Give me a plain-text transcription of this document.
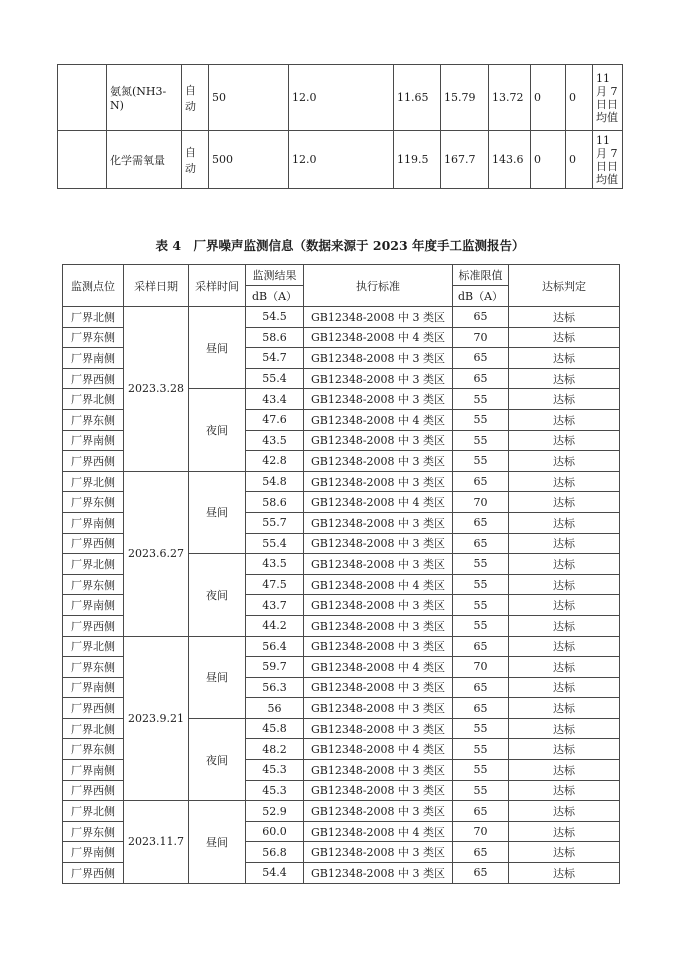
	氨氮(NH3-N)	自动	50	12.0	11.65	15.79	13.72	0	0	11 月 7 日日 均值
	化学需氧量	自动	500	12.0	119.5	167.7	143.6	0	0	11 月 7 日日 均值
表 4　厂界噪声监测信息（数据来源于 2023 年度手工监测报告）
监测点位	采样日期	采样时间	监测结果	执行标准	标准限值	达标判定
			dB（A）		dB（A）	
厂界北侧	2023.3.28	昼间	54.5	GB12348-2008 中 3 类区	65	达标
厂界东侧			58.6	GB12348-2008 中 4 类区	70	达标
厂界南侧			54.7	GB12348-2008 中 3 类区	65	达标
厂界西侧			55.4	GB12348-2008 中 3 类区	65	达标
厂界北侧		夜间	43.4	GB12348-2008 中 3 类区	55	达标
厂界东侧			47.6	GB12348-2008 中 4 类区	55	达标
厂界南侧			43.5	GB12348-2008 中 3 类区	55	达标
厂界西侧			42.8	GB12348-2008 中 3 类区	55	达标
厂界北侧	2023.6.27	昼间	54.8	GB12348-2008 中 3 类区	65	达标
厂界东侧			58.6	GB12348-2008 中 4 类区	70	达标
厂界南侧			55.7	GB12348-2008 中 3 类区	65	达标
厂界西侧			55.4	GB12348-2008 中 3 类区	65	达标
厂界北侧		夜间	43.5	GB12348-2008 中 3 类区	55	达标
厂界东侧			47.5	GB12348-2008 中 4 类区	55	达标
厂界南侧			43.7	GB12348-2008 中 3 类区	55	达标
厂界西侧			44.2	GB12348-2008 中 3 类区	55	达标
厂界北侧	2023.9.21	昼间	56.4	GB12348-2008 中 3 类区	65	达标
厂界东侧			59.7	GB12348-2008 中 4 类区	70	达标
厂界南侧			56.3	GB12348-2008 中 3 类区	65	达标
厂界西侧			56	GB12348-2008 中 3 类区	65	达标
厂界北侧		夜间	45.8	GB12348-2008 中 3 类区	55	达标
厂界东侧			48.2	GB12348-2008 中 4 类区	55	达标
厂界南侧			45.3	GB12348-2008 中 3 类区	55	达标
厂界西侧			45.3	GB12348-2008 中 3 类区	55	达标
厂界北侧	2023.11.7	昼间	52.9	GB12348-2008 中 3 类区	65	达标
厂界东侧			60.0	GB12348-2008 中 4 类区	70	达标
厂界南侧			56.8	GB12348-2008 中 3 类区	65	达标
厂界西侧			54.4	GB12348-2008 中 3 类区	65	达标
